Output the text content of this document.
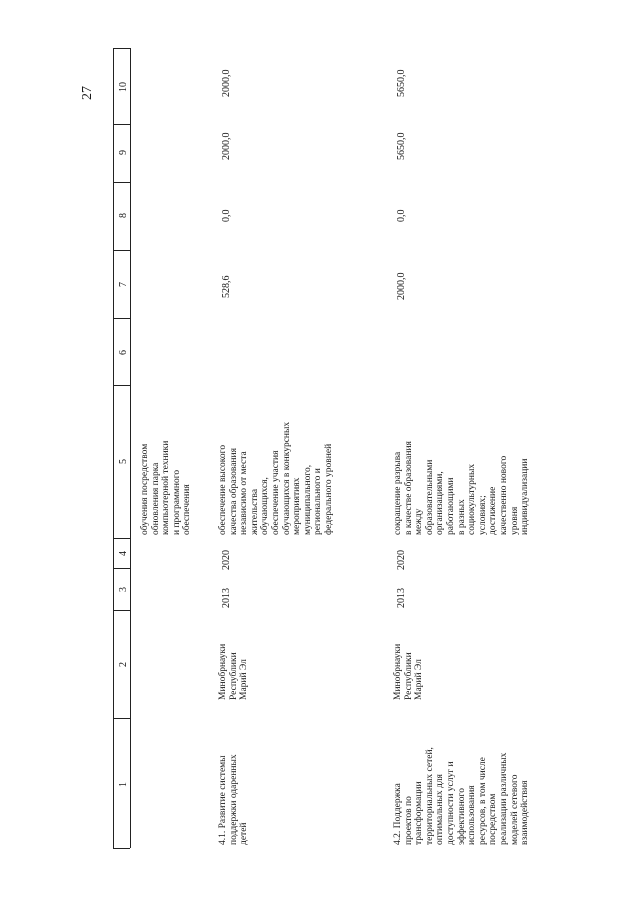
27 10
9
8
7
6
5
4
3
2
1
обучения посредством обновления парка компьютерной техники и программного обеспечения
4.1. Развитие системы поддержки одаренных детей
Минобрнауки Республики Марий Эл
2013
2020
обеспечение высокого качества образования независимо от места жительства обучающихся, обеспечение участия обучающихся в конкурсных мероприятиях муниципального, регионального и федерального уровней
528,6
0,0
2000,0
2000,0
4.2. Поддержка проектов по трансформации территориальных сетей, оптимальных для доступности услуг и эффективного использования ресурсов, в том числе посредством реализации различных моделей сетевого взаимодействия
Минобрнауки Республики Марий Эл
2013
2020
сокращение разрыва в качестве образования между образовательными организациями, работающими в разных социокультурных условиях; достижение качественно нового уровня индивидуализации
2000,0
0,0
5650,0
5650,0
